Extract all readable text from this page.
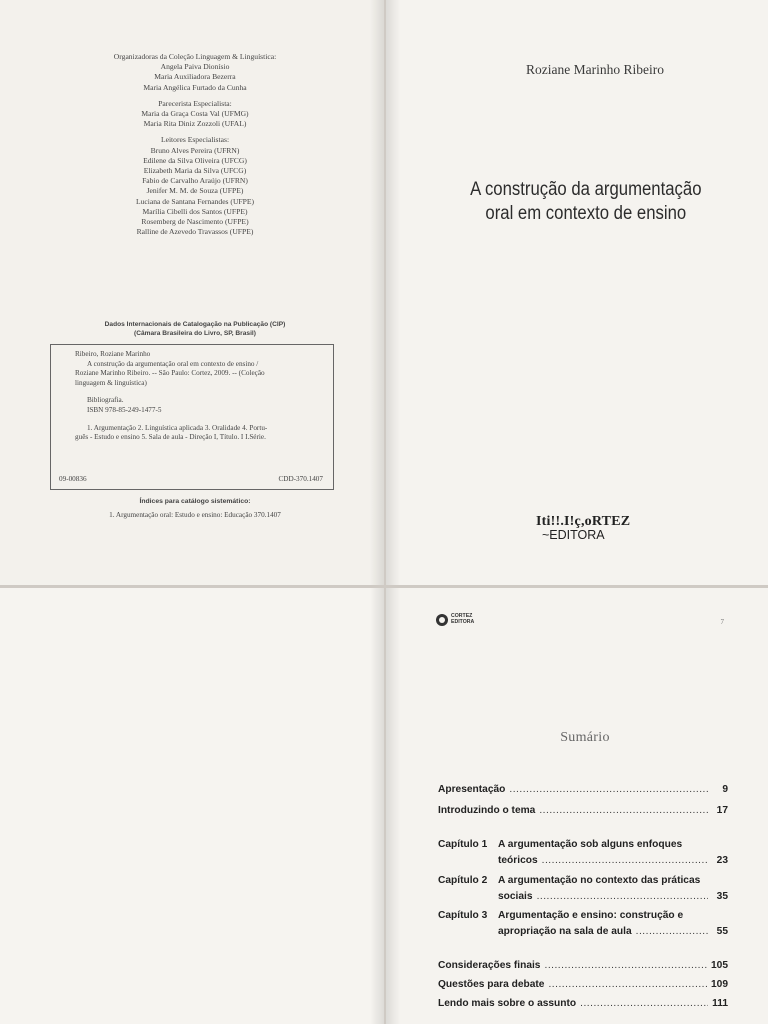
Organizadoras da Coleção Linguagem & Linguística:
Angela Paiva Dionísio
Maria Auxiliadora Bezerra
Maria Angélica Furtado da Cunha
Parecerista Especialista:
Maria da Graça Costa Val (UFMG)
Maria Rita Diniz Zozzoli (UFAL)
Leitores Especialistas:
Bruno Alves Pereira (UFRN)
Edilene da Silva Oliveira (UFCG)
Elizabeth Maria da Silva (UFCG)
Fabio de Carvalho Araújo (UFRN)
Jenifer M. M. de Souza (UFPE)
Luciana de Santana Fernandes (UFPE)
Marília Cibelli dos Santos (UFPE)
Rosemberg de Nascimento (UFPE)
Ralline de Azevedo Travassos (UFPE)
Dados Internacionais de Catalogação na Publicação (CIP)
(Câmara Brasileira do Livro, SP, Brasil)

Ribeiro, Roziane Marinho

A construção da argumentação oral em contexto de ensino /

Roziane Marinho Ribeiro. -- São Paulo: Cortez, 2009. -- (Coleção

linguagem & linguística)

Bibliografia.

ISBN 978-85-249-1477-5

1. Argumentação 2. Linguística aplicada 3. Oralidade 4. Portu-

guês - Estudo e ensino 5. Sala de aula - Direção I, Título. I I.Série.

09-00836	CDD-370.1407
Índices para catálogo sistemático:
1. Argumentação oral: Estudo e ensino: Educação 370.1407
Roziane Marinho Ribeiro
A construção da argumentação
oral em contexto de ensino
Iti!!.I!ç,oRTEZ
~EDITORA
CORTEZ
EDITORA	7
Sumário
Apresentação .....	9
Introduzindo o tema .....	17
Capítulo 1	A argumentação sob alguns enfoques
teóricos .....	23
Capítulo 2	A argumentação no contexto das práticas
sociais .....	35
Capítulo 3	Argumentação e ensino: construção e
apropriação na sala de aula .....	55
Considerações finais .....	105
Questões para debate .....	109
Lendo mais sobre o assunto .....	111
